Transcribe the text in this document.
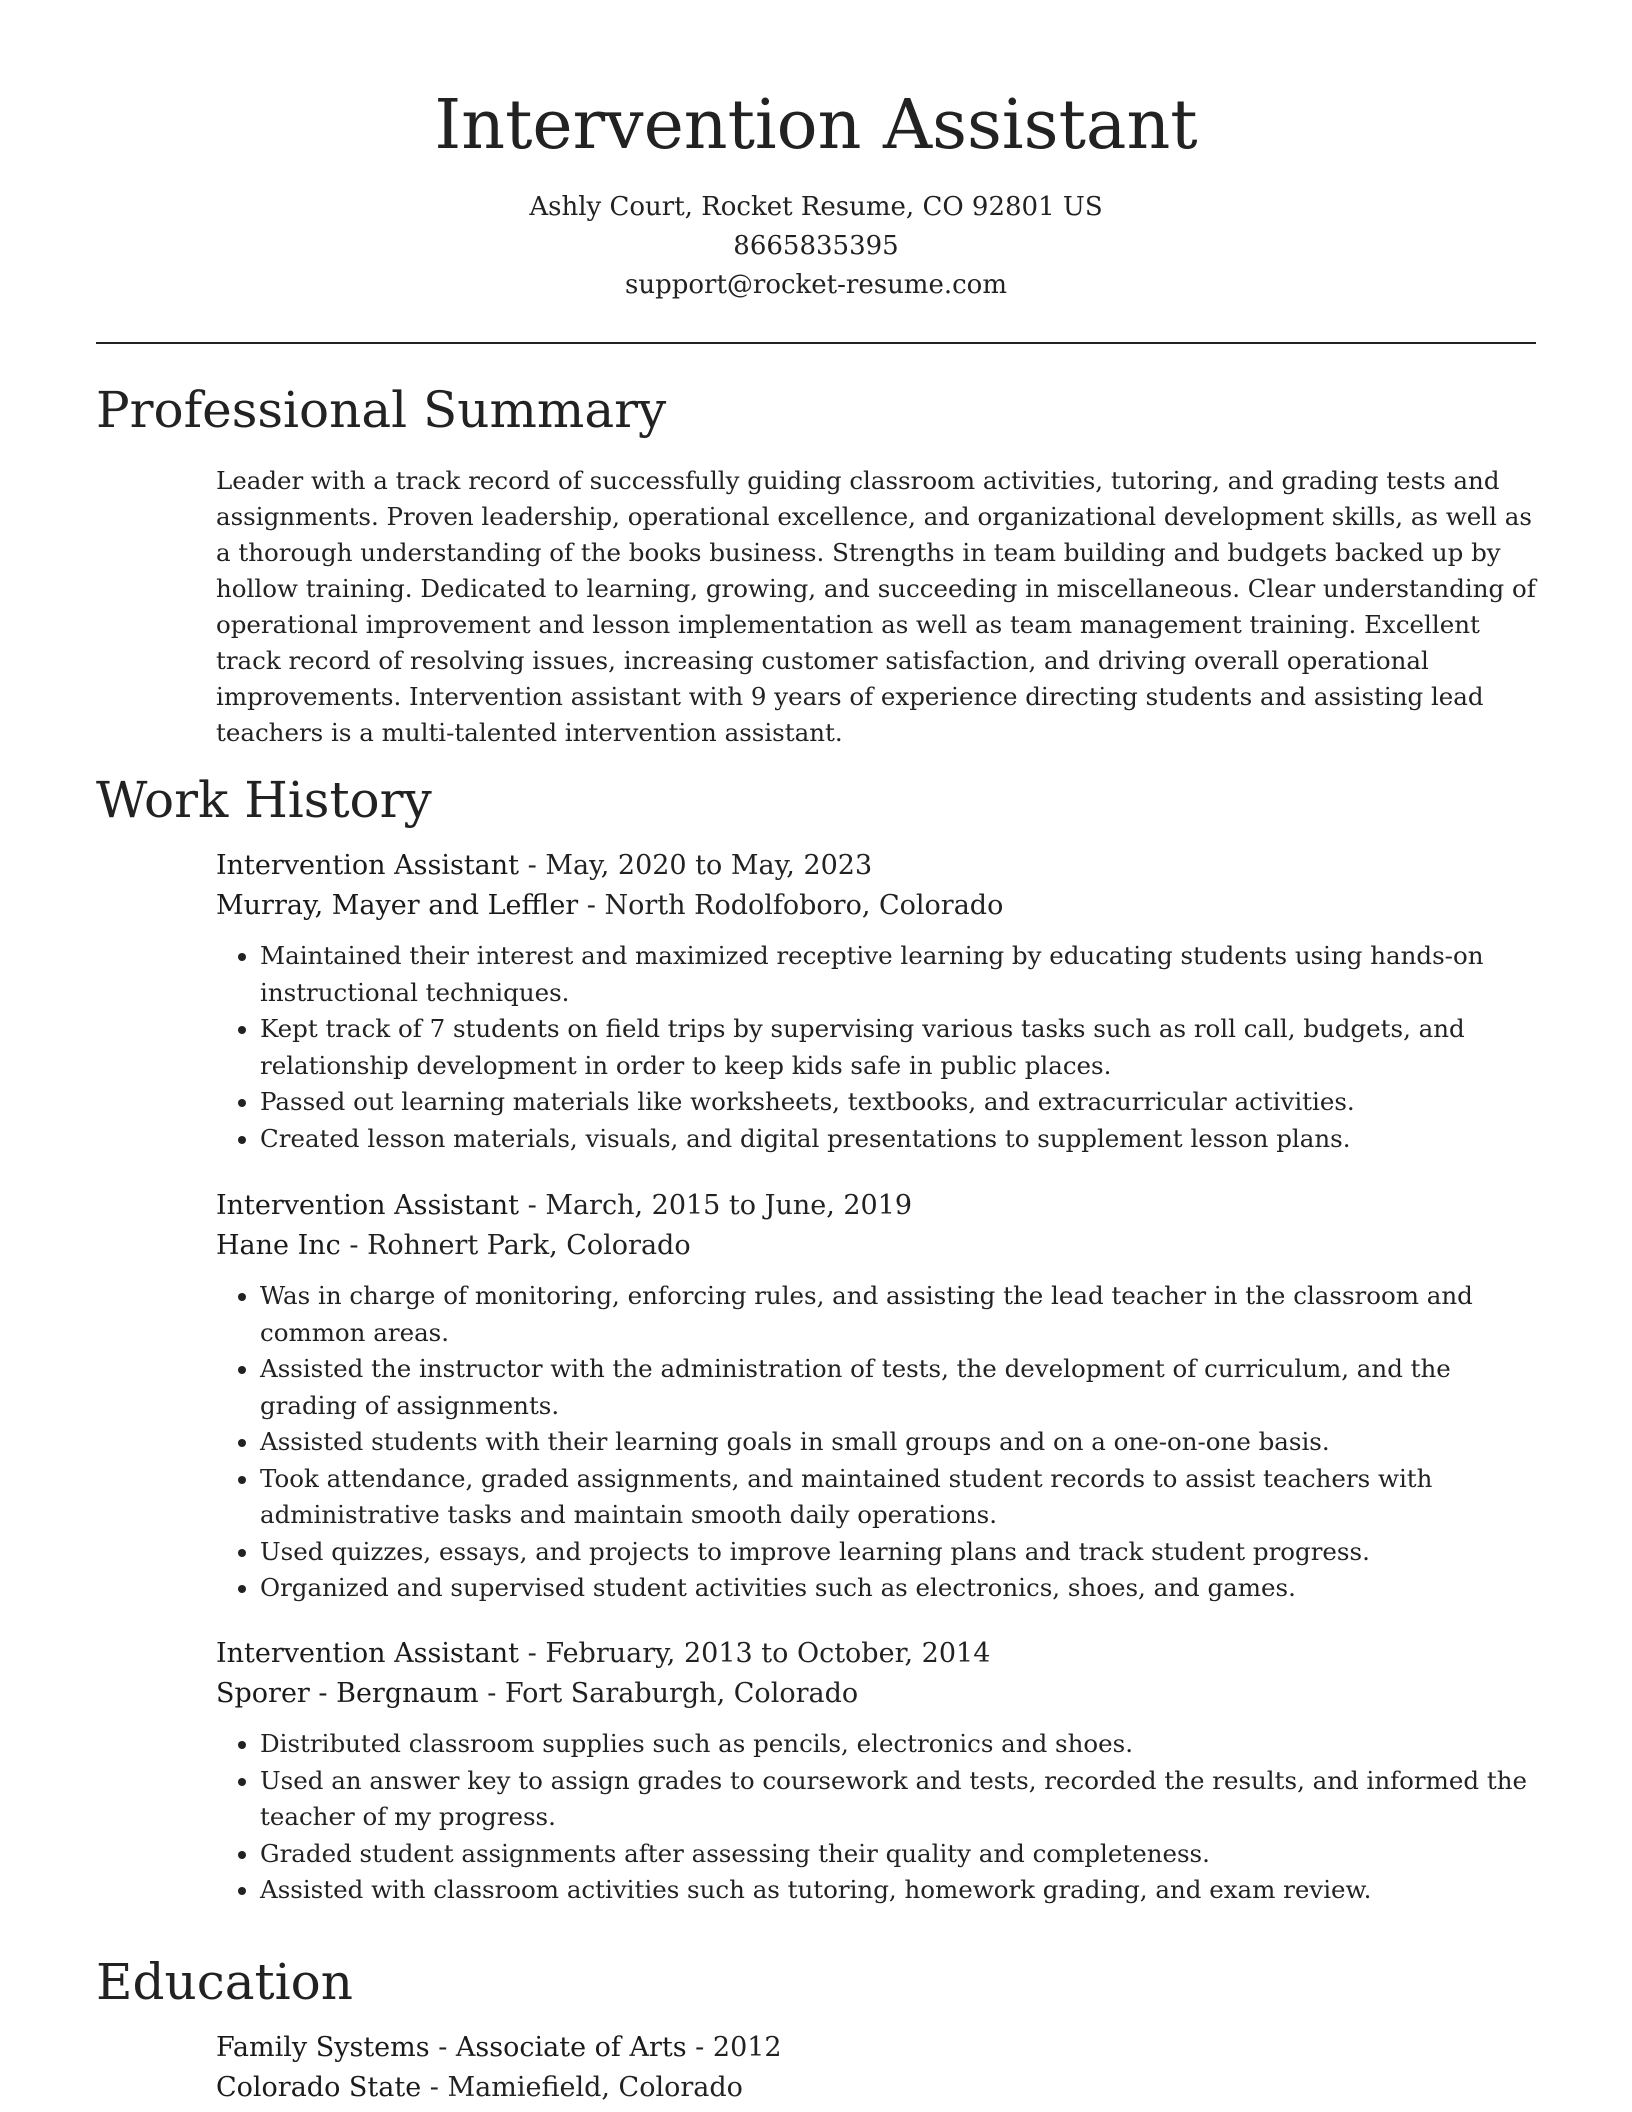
Intervention Assistant
Ashly Court, Rocket Resume, CO 92801 US
8665835395
support@rocket-resume.com
Professional Summary

Leader with a track record of successfully guiding classroom activities, tutoring, and grading tests and assignments. Proven leadership, operational excellence, and organizational development skills, as well as a thorough understanding of the books business. Strengths in team building and budgets backed up by hollow training. Dedicated to learning, growing, and succeeding in miscellaneous. Clear understanding of operational improvement and lesson implementation as well as team management training. Excellent track record of resolving issues, increasing customer satisfaction, and driving overall operational improvements. Intervention assistant with 9 years of experience directing students and assisting lead teachers is a multi-talented intervention assistant.

Work History
Intervention Assistant - May, 2020 to May, 2023
Murray, Mayer and Leffler - North Rodolfoboro, Colorado
• Maintained their interest and maximized receptive learning by educating students using hands-on instructional techniques.
• Kept track of 7 students on field trips by supervising various tasks such as roll call, budgets, and relationship development in order to keep kids safe in public places.
• Passed out learning materials like worksheets, textbooks, and extracurricular activities.
• Created lesson materials, visuals, and digital presentations to supplement lesson plans.
Intervention Assistant - March, 2015 to June, 2019
Hane Inc - Rohnert Park, Colorado
• Was in charge of monitoring, enforcing rules, and assisting the lead teacher in the classroom and common areas.
• Assisted the instructor with the administration of tests, the development of curriculum, and the grading of assignments.
• Assisted students with their learning goals in small groups and on a one-on-one basis.
• Took attendance, graded assignments, and maintained student records to assist teachers with administrative tasks and maintain smooth daily operations.
• Used quizzes, essays, and projects to improve learning plans and track student progress.
• Organized and supervised student activities such as electronics, shoes, and games.
Intervention Assistant - February, 2013 to October, 2014
Sporer - Bergnaum - Fort Saraburgh, Colorado
• Distributed classroom supplies such as pencils, electronics and shoes.
• Used an answer key to assign grades to coursework and tests, recorded the results, and informed the teacher of my progress.
• Graded student assignments after assessing their quality and completeness.
• Assisted with classroom activities such as tutoring, homework grading, and exam review.
Education
Family Systems - Associate of Arts - 2012
Colorado State - Mamiefield, Colorado
